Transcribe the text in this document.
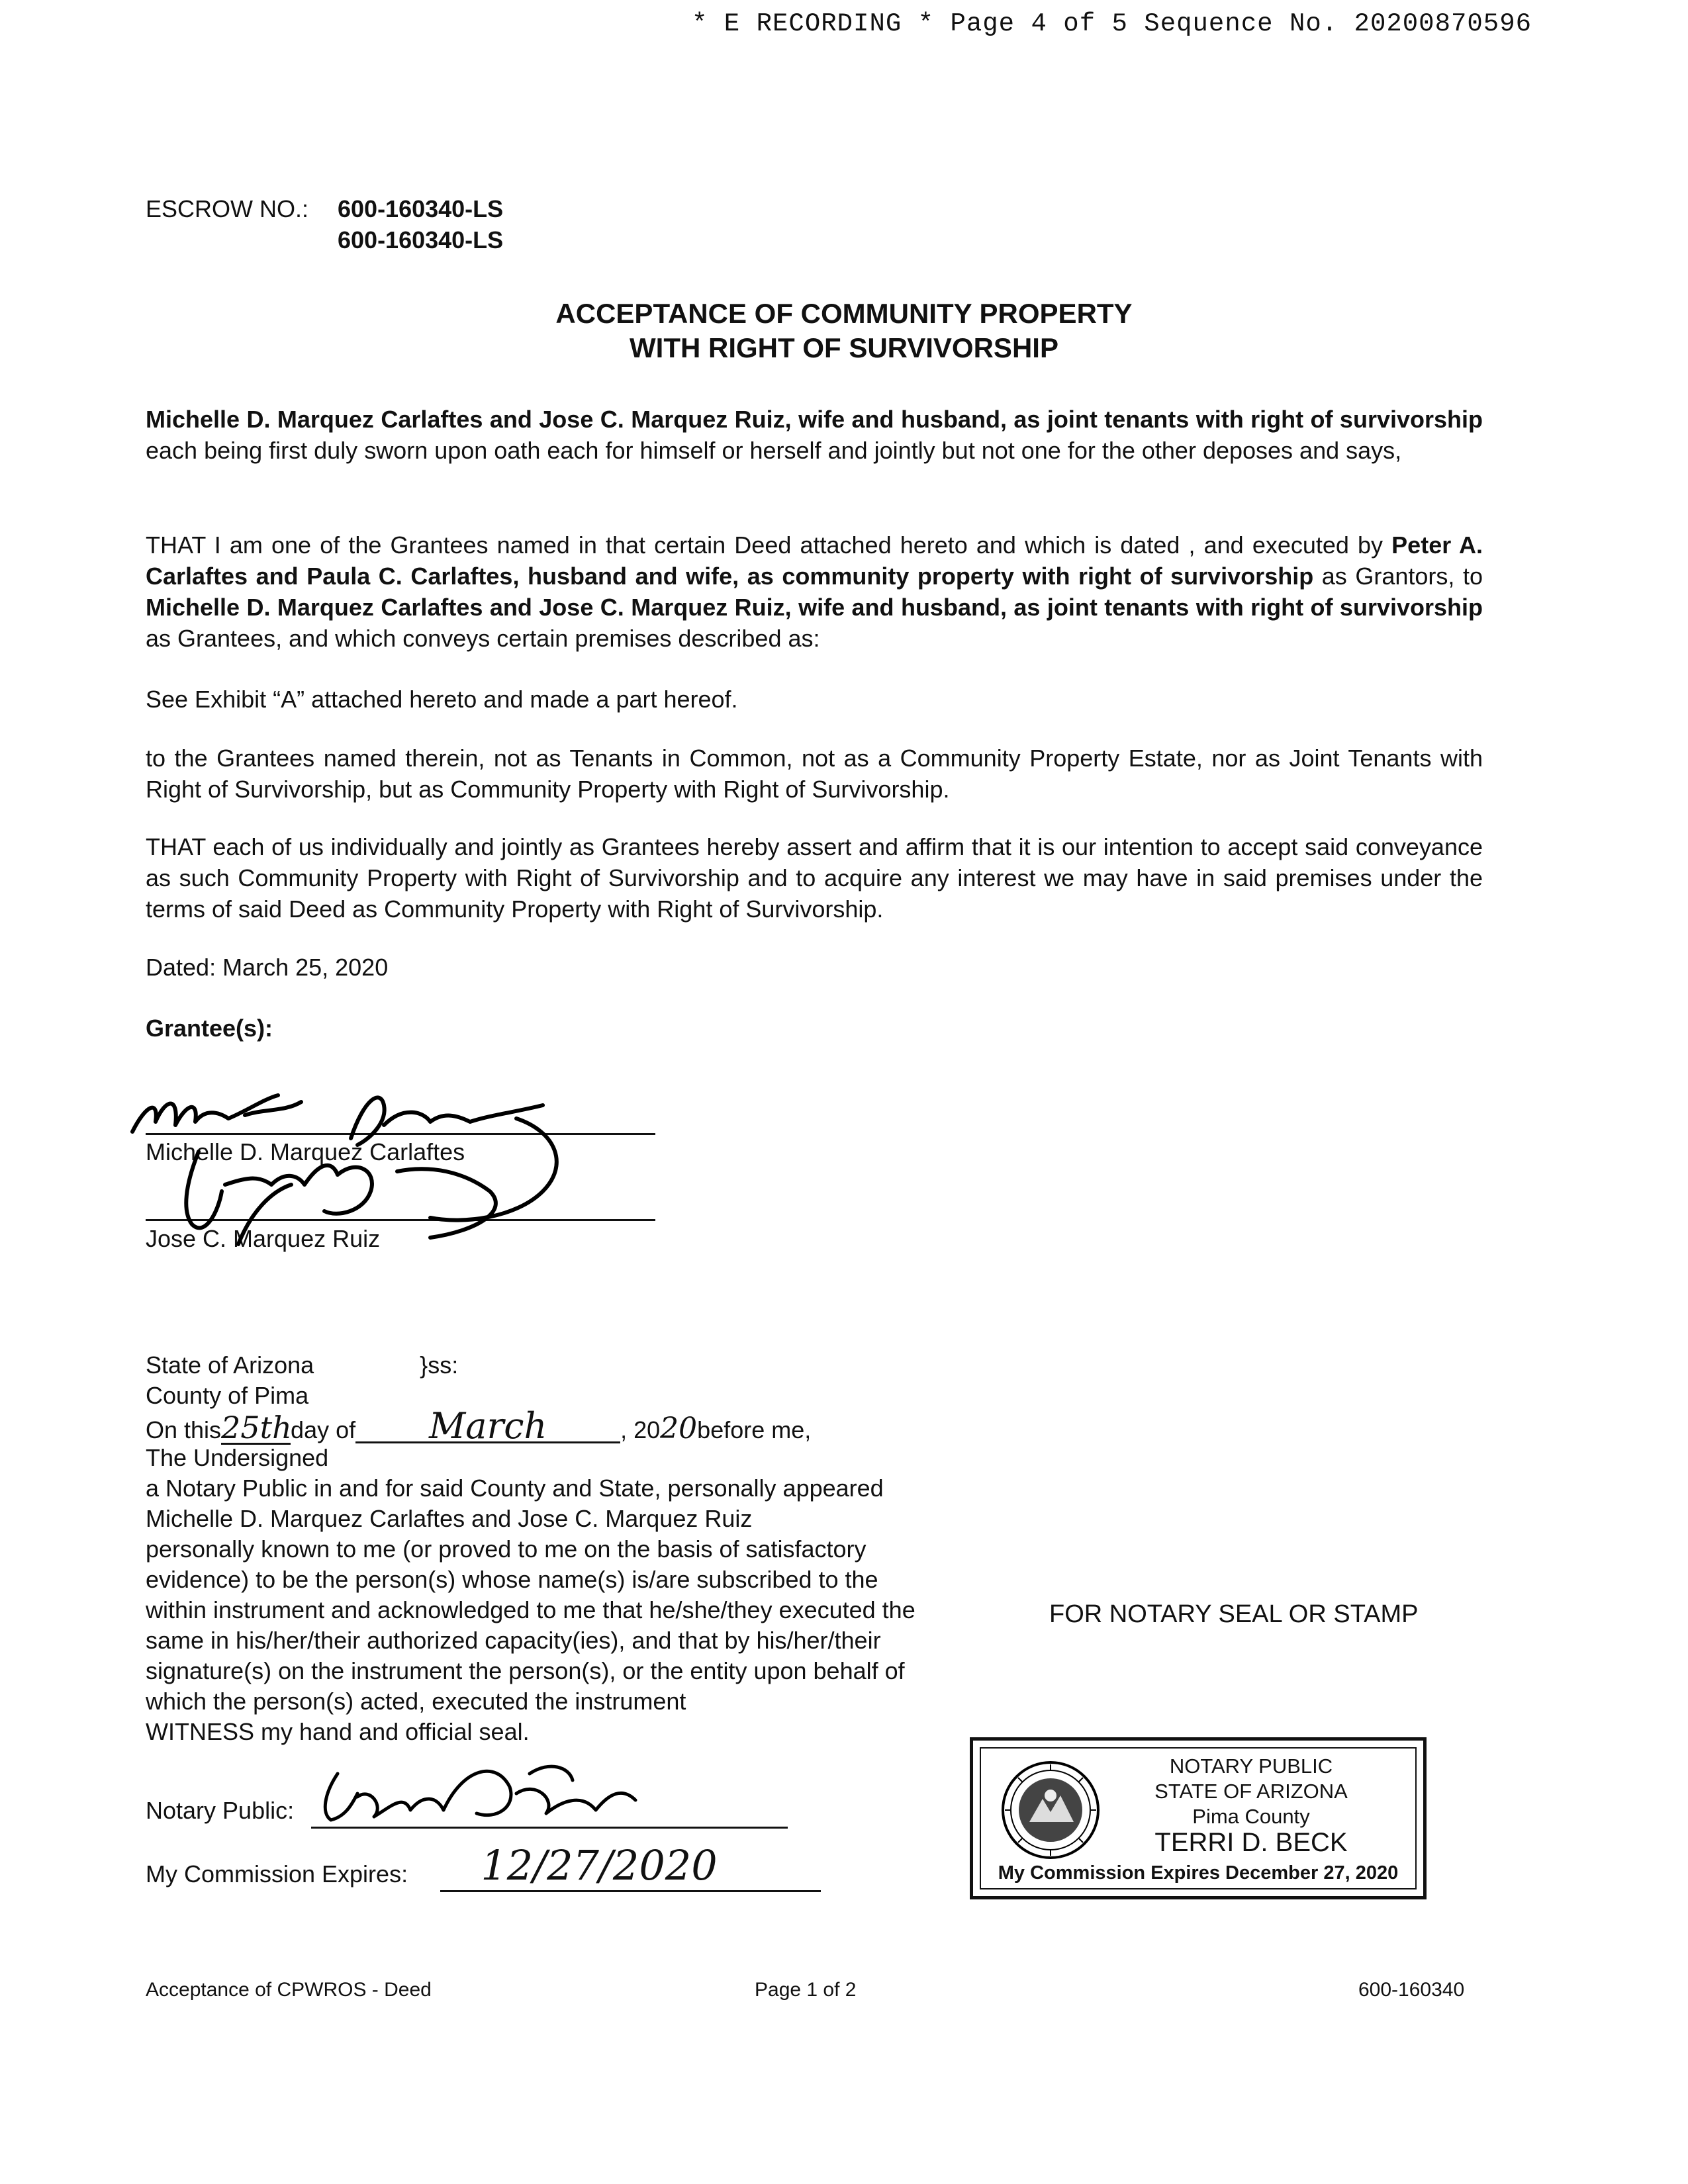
* E RECORDING * Page 4 of 5 Sequence No. 20200870596
ESCROW NO.: 600-160340-LS
600-160340-LS
ACCEPTANCE OF COMMUNITY PROPERTY
WITH RIGHT OF SURVIVORSHIP

Michelle D. Marquez Carlaftes and Jose C. Marquez Ruiz, wife and husband, as joint tenants with right of survivorship each being first duly sworn upon oath each for himself or herself and jointly but not one for the other deposes and says,

THAT I am one of the Grantees named in that certain Deed attached hereto and which is dated , and executed by Peter A. Carlaftes and Paula C. Carlaftes, husband and wife, as community property with right of survivorship as Grantors, to Michelle D. Marquez Carlaftes and Jose C. Marquez Ruiz, wife and husband, as joint tenants with right of survivorship as Grantees, and which conveys certain premises described as:

See Exhibit “A” attached hereto and made a part hereof.

to the Grantees named therein, not as Tenants in Common, not as a Community Property Estate, nor as Joint Tenants with Right of Survivorship, but as Community Property with Right of Survivorship.

THAT each of us individually and jointly as Grantees hereby assert and affirm that it is our intention to accept said conveyance as such Community Property with Right of Survivorship and to acquire any interest we may have in said premises under the terms of said Deed as Community Property with Right of Survivorship.

Dated: March 25, 2020
Grantee(s):
Michelle D. Marquez Carlaftes
Jose C. Marquez Ruiz
State of Arizona	}ss:
County of Pima
On this25thday of March	, 2020before me,
The Undersigned
a Notary Public in and for said County and State, personally appeared
Michelle D. Marquez Carlaftes and Jose C. Marquez Ruiz
personally known to me (or proved to me on the basis of satisfactory
evidence) to be the person(s) whose name(s) is/are subscribed to the
within instrument and acknowledged to me that he/she/they executed the
same in his/her/their authorized capacity(ies), and that by his/her/their
signature(s) on the instrument the person(s), or the entity upon behalf of
which the person(s) acted, executed the instrument
WITNESS my hand and official seal.
Notary Public:
My Commission Expires:	12/27/2020
FOR NOTARY SEAL OR STAMP
NOTARY PUBLIC
STATE OF ARIZONA
Pima County
TERRI D. BECK
My Commission Expires December 27, 2020
Acceptance of CPWROS - Deed	Page 1 of 2	600-160340
